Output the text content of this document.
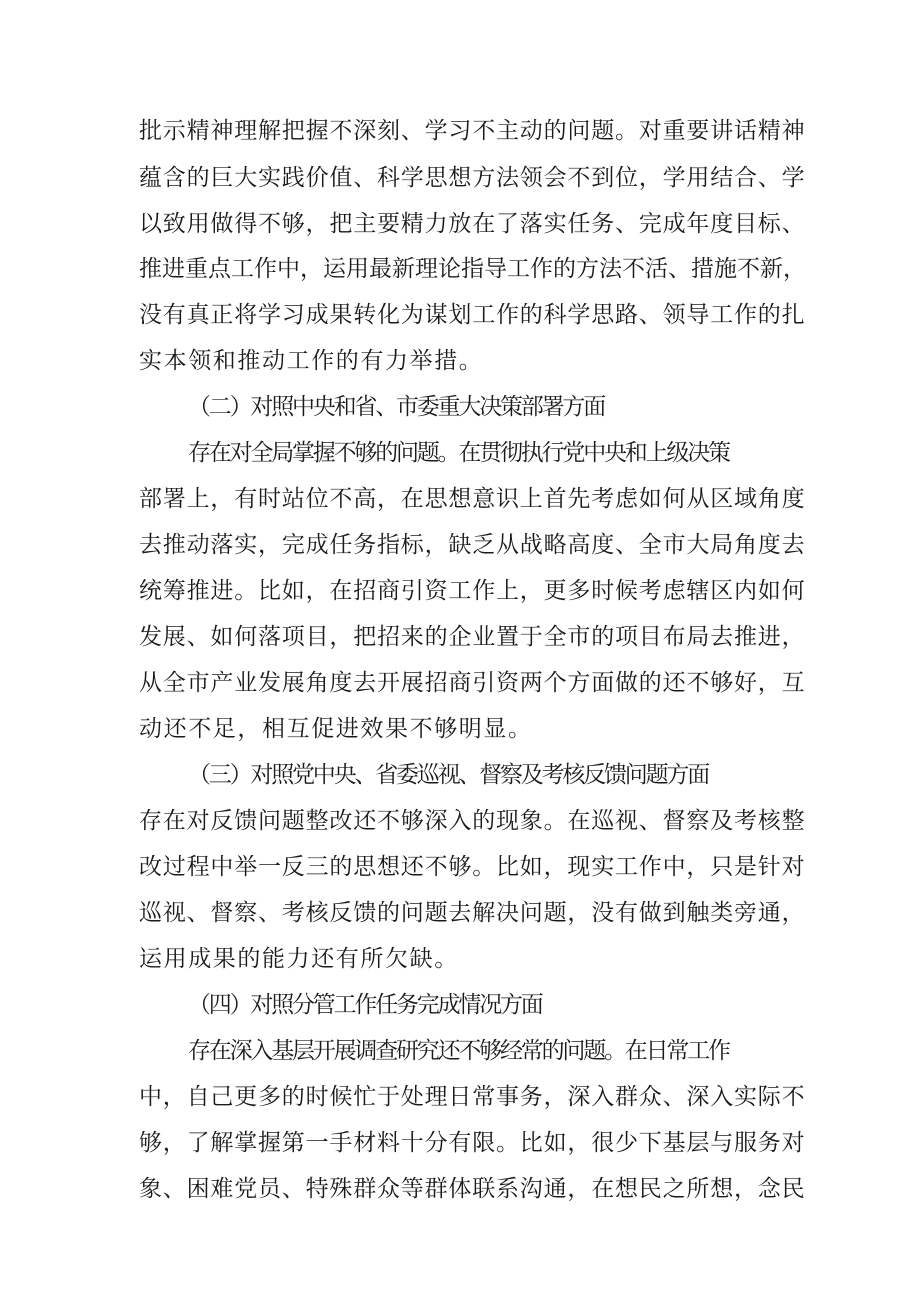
批示精神理解把握不深刻、学习不主动的问题。对重要讲话精神
蕴含的巨大实践价值、科学思想方法领会不到位，学用结合、学
以致用做得不够，把主要精力放在了落实任务、完成年度目标、
推进重点工作中，运用最新理论指导工作的方法不活、措施不新，
没有真正将学习成果转化为谋划工作的科学思路、领导工作的扎
实本领和推动工作的有力举措。
（二）对照中央和省、市委重大决策部署方面
存在对全局掌握不够的问题。在贯彻执行党中央和上级决策
部署上，有时站位不高，在思想意识上首先考虑如何从区域角度
去推动落实，完成任务指标，缺乏从战略高度、全市大局角度去
统筹推进。比如，在招商引资工作上，更多时候考虑辖区内如何
发展、如何落项目，把招来的企业置于全市的项目布局去推进，
从全市产业发展角度去开展招商引资两个方面做的还不够好，互
动还不足，相互促进效果不够明显。
（三）对照党中央、省委巡视、督察及考核反馈问题方面
存在对反馈问题整改还不够深入的现象。在巡视、督察及考核整
改过程中举一反三的思想还不够。比如，现实工作中，只是针对
巡视、督察、考核反馈的问题去解决问题，没有做到触类旁通，
运用成果的能力还有所欠缺。
（四）对照分管工作任务完成情况方面
存在深入基层开展调查研究还不够经常的问题。在日常工作
中，自己更多的时候忙于处理日常事务，深入群众、深入实际不
够，了解掌握第一手材料十分有限。比如，很少下基层与服务对
象、困难党员、特殊群众等群体联系沟通，在想民之所想，念民
